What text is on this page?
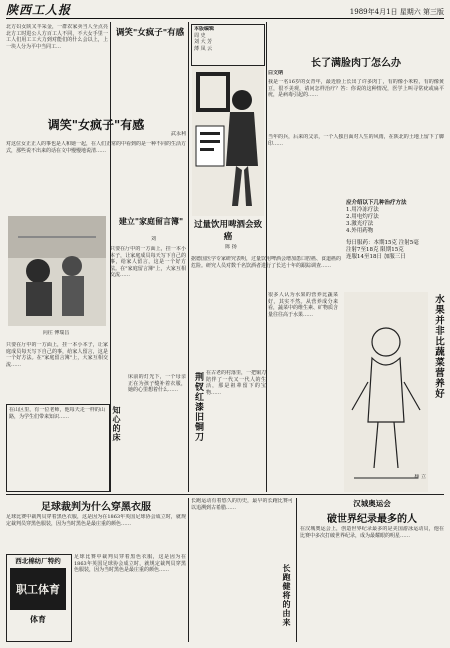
陕西工人报	1989年4月1日 星期六 第三版
北方妇女陕又羊采金，一群农家卖当人全点亮北方工时进公人方百工人不同，不大女手里一工人们用工工大力到对能们的什么会以上，上一块人分为平中当同工…
调笑"女疯子"有感
调笑"女疯子"有感
武永利
对这位女正正人的事也是人和她一起，在人们正常的中看到的是一种不同的生活方式，那些说不出来的话在文中慢慢地说清……
建立"家庭留言簿"
刘
只要在厅中的一方面上，挂一本小本子，让家庭成员每天写下自己的事，给家人留言，这是一个好方法。在"家庭留言簿"上，大家互相交流……
向往 傅瑞昌
只要在厅中的一方面上，挂一本小本子，让家庭成员每天写下自己的事，给家人留言，这是一个好方法。在"家庭留言簿"上，大家互相交流……
在山区里，有一位老师，他每天走一样的山路，为学生们带来知识……	知心的床
床前的灯光下，一个母亲正在为孩子缝补着衣服，她的心里想着什么……
本版编辑
周 史
刘 大 芳
薄 凤 云
当年的兵，后来的父亲，一个人独自面对人生的风雨，在陕北的土地上留下了脚印……
长了满脸肉丁怎么办
白文纳
我是一名16岁的女青年，最近脸上长出了许多肉丁，有的像小米粒，有的像黄豆，很不美观，请问怎样治疗？答：你说的这种情况，医学上叫寻常疣或扁平疣，是病毒引起的……
应介绍以下几种治疗方法
1.用冷冻疗法
2.用电灼疗法
3.激光疗法
4.外用药物
每日服药：本期15克 注射5毫
注射7至18克 限期15克
连服14至18日 加服三日
过量饮用啤酒会致癌
陈 扬
据德国医学专家研究表明，过量饮用啤酒会增加患口腔癌、食道癌的危险。研究人员对数千名饮酒者进行了长达十年的跟踪调查……
荆钗红漆旧铜刀 在古老的村落里，一把铜刀陪伴了一代又一代人的生活，那是祖辈留下的宝物……	水果并非比蔬菜营养好
很多人认为水果的营养比蔬菜好，其实不然。从营养成分来看，蔬菜中的维生素、矿物质含量往往高于水果……
杨 立
足球裁判为什么穿黑衣服
足球比赛中裁判员穿着黑色衣服，这是因为在1863年英国足球协会成立时，就规定裁判员穿黑色服装，因为当时黑色是最庄重的颜色……
西北棉纺厂特约
职工体育
体育
足球比赛中裁判员穿着黑色衣服，这是因为在1863年英国足球协会成立时，就规定裁判员穿黑色服装，因为当时黑色是最庄重的颜色……
长跑运动有着悠久的历史，最早的长跑比赛可以追溯到古希腊……
长跑健将的由来
汉城奥运会
破世界纪录最多的人
在汉城奥运会上，创造世界纪录最多的是美国游泳运动员，他在比赛中多次打破世界纪录，成为最耀眼的明星……
